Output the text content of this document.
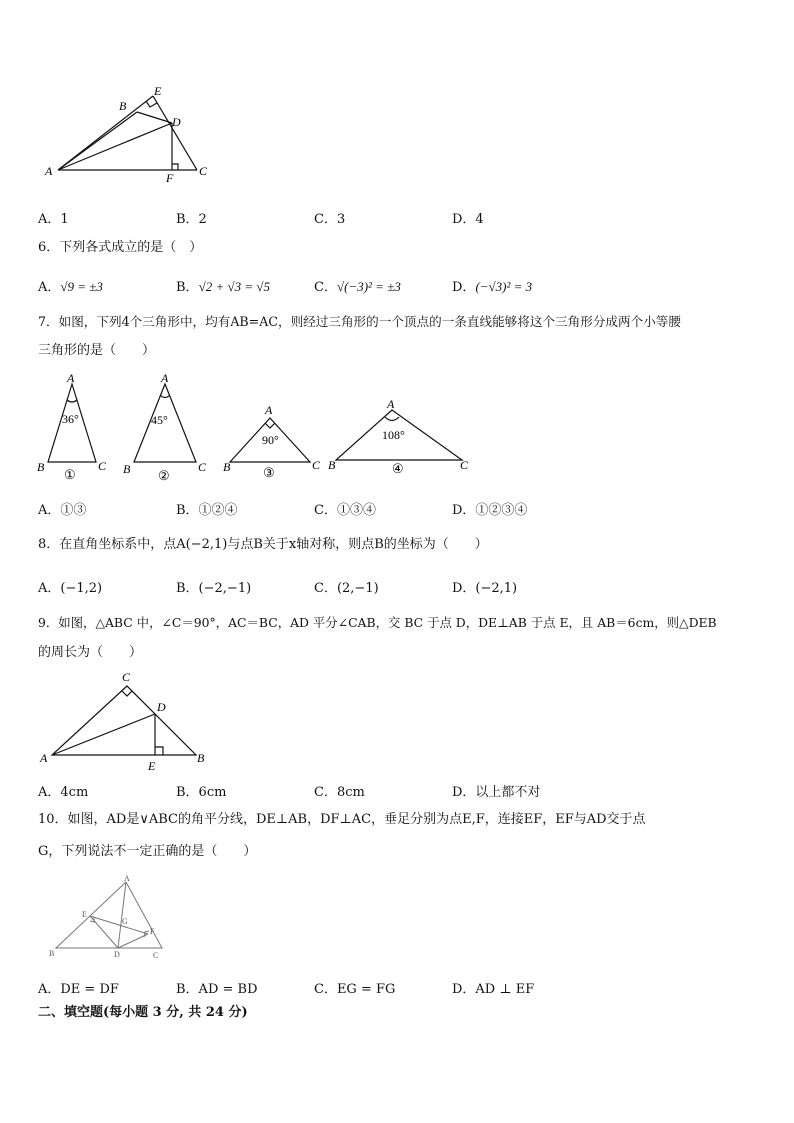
B
E
D
A	F C
A．1	B．2	C．3	D．4
6．下列各式成立的是（　）
A．√9 = ±3	B．√2 + √3 = √5	C．√(−3)² = ±3	D．(−√3)² = 3
7．如图，下列4个三角形中，均有AB=AC，则经过三角形的一个顶点的一条直线能够将这个三角形分成两个小等腰
三角形的是（　　）
A
36°
B	C
①
A
45°
B	C
②
A
90°
B	C
③
A
108°
B	C
④
A．①③	B．①②④	C．①③④	D．①②③④
8．在直角坐标系中，点A(−2,1)与点B关于x轴对称，则点B的坐标为（　　）
A．(−1,2)	B．(−2,−1)	C．(2,−1)	D．(−2,1)
9．如图，△ABC 中，∠C＝90°，AC＝BC，AD 平分∠CAB，交 BC 于点 D，DE⊥AB 于点 E，且 AB＝6cm，则△DEB
的周长为（　　）
C
D
A
E
B
A．4cm	B．6cm	C．8cm	D．以上都不对
10．如图，AD是∨ABC的角平分线，DE⊥AB，DF⊥AC，垂足分别为点E,F，连接EF，EF与AD交于点
G，下列说法不一定正确的是（　　）
A
E
G
F
B	D	C
A．DE = DF	B．AD = BD	C．EG = FG	D．AD ⊥ EF
二、填空题(每小题 3 分, 共 24 分)
